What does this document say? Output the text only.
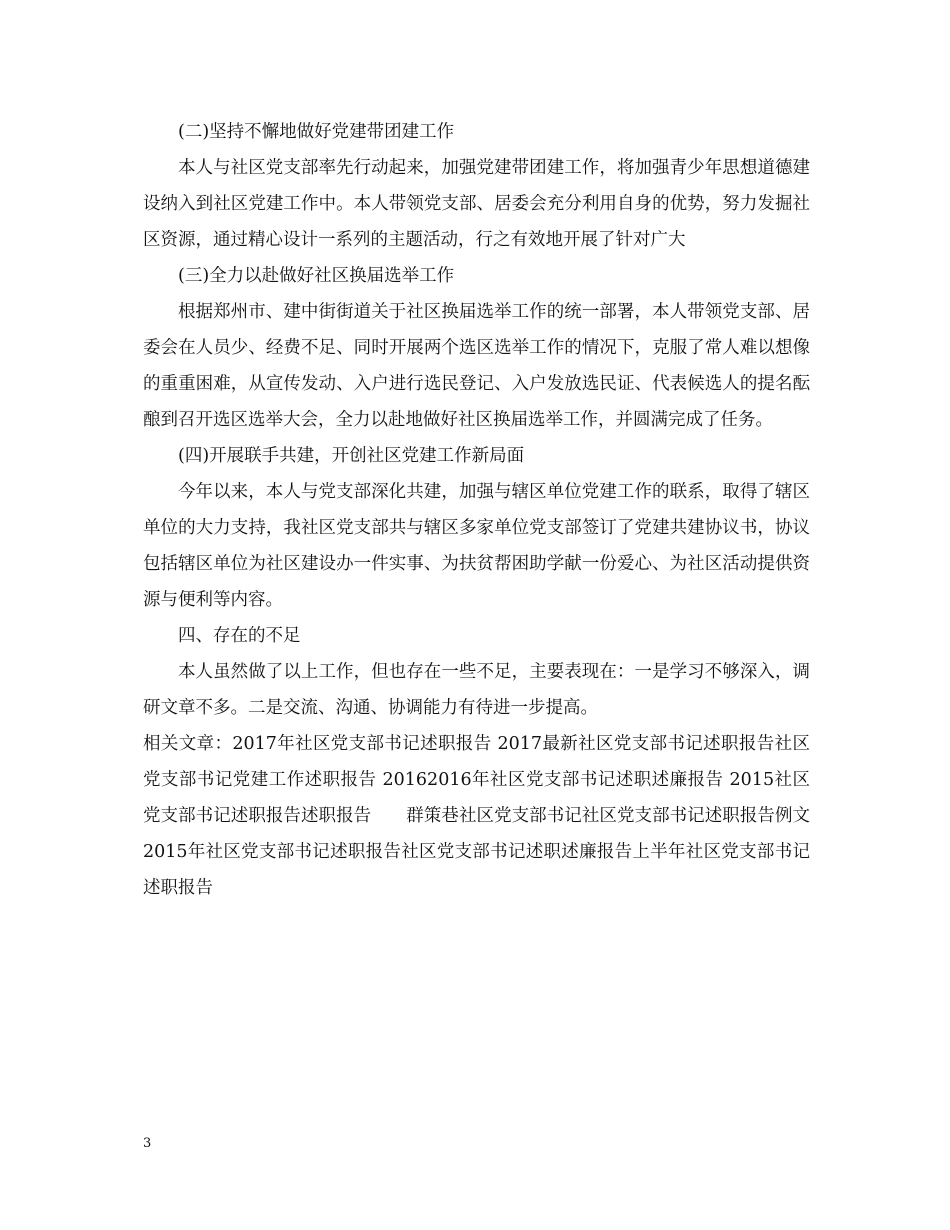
(二)坚持不懈地做好党建带团建工作

本人与社区党支部率先行动起来，加强党建带团建工作，将加强青少年思想道德建设纳入到社区党建工作中。本人带领党支部、居委会充分利用自身的优势，努力发掘社区资源，通过精心设计一系列的主题活动，行之有效地开展了针对广大

(三)全力以赴做好社区换届选举工作

根据郑州市、建中街街道关于社区换届选举工作的统一部署，本人带领党支部、居委会在人员少、经费不足、同时开展两个选区选举工作的情况下，克服了常人难以想像的重重困难，从宣传发动、入户进行选民登记、入户发放选民证、代表候选人的提名酝酿到召开选区选举大会，全力以赴地做好社区换届选举工作，并圆满完成了任务。

(四)开展联手共建，开创社区党建工作新局面

今年以来，本人与党支部深化共建，加强与辖区单位党建工作的联系，取得了辖区单位的大力支持，我社区党支部共与辖区多家单位党支部签订了党建共建协议书，协议包括辖区单位为社区建设办一件实事、为扶贫帮困助学献一份爱心、为社区活动提供资源与便利等内容。

四、存在的不足

本人虽然做了以上工作，但也存在一些不足，主要表现在：一是学习不够深入，调研文章不多。二是交流、沟通、协调能力有待进一步提高。

相关文章：2017年社区党支部书记述职报告 2017最新社区党支部书记述职报告社区党支部书记党建工作述职报告 20162016年社区党支部书记述职述廉报告 2015社区党支部书记述职报告述职报告　　群策巷社区党支部书记社区党支部书记述职报告例文 2015年社区党支部书记述职报告社区党支部书记述职述廉报告上半年社区党支部书记述职报告

3
